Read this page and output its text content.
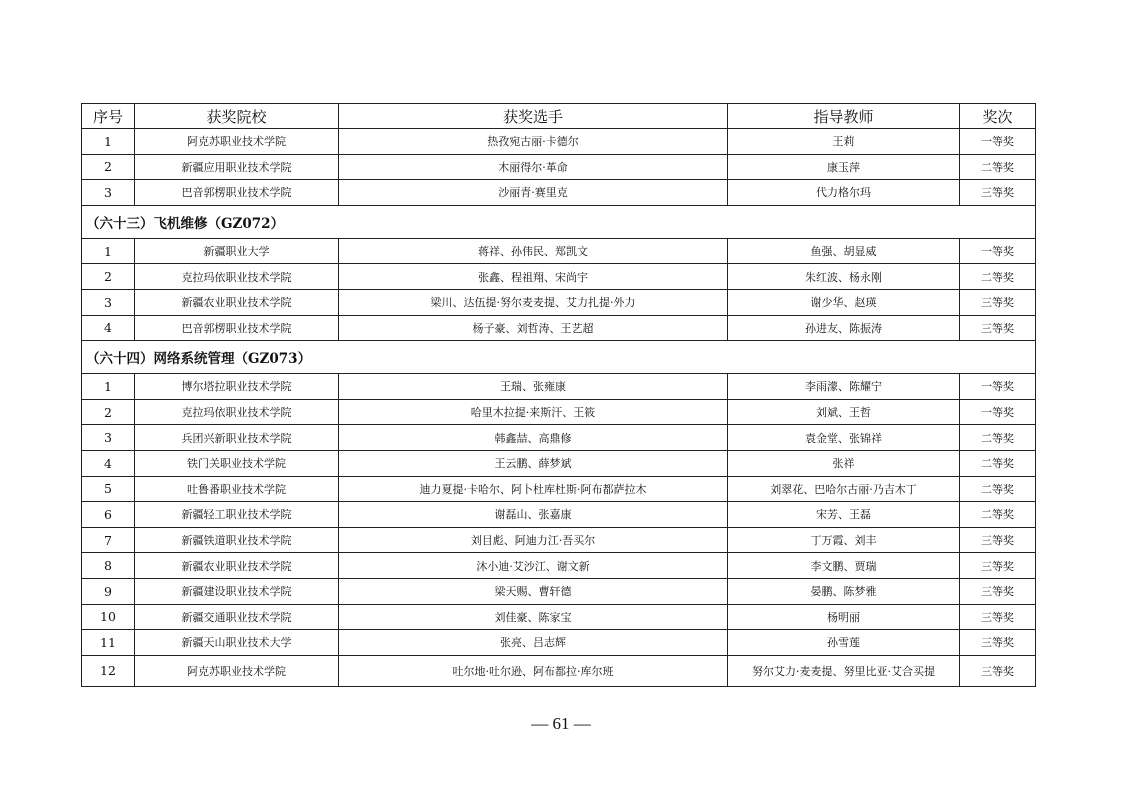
序号	获奖院校	获奖选手	指导教师	奖次
1	阿克苏职业技术学院	热孜宛古丽·卡德尔	王莉	一等奖
2	新疆应用职业技术学院	木丽得尔·革命	康玉萍	二等奖
3	巴音郭楞职业技术学院	沙丽青·赛里克	代力格尔玛	三等奖
（六十三）飞机维修（GZ072）				
1	新疆职业大学	蒋祥、孙伟民、郑凯文	鱼强、胡显威	一等奖
2	克拉玛依职业技术学院	张鑫、程祖翔、宋尚宇	朱红波、杨永刚	二等奖
3	新疆农业职业技术学院	梁川、达伍提·努尔麦麦提、艾力扎提·外力	谢少华、赵瑛	三等奖
4	巴音郭楞职业技术学院	杨子豪、刘哲涛、王艺超	孙进友、陈振涛	三等奖
（六十四）网络系统管理（GZ073）				
1	博尔塔拉职业技术学院	王瑞、张雍康	李雨濛、陈耀宁	一等奖
2	克拉玛依职业技术学院	哈里木拉提·来斯汗、王筱	刘斌、王哲	一等奖
3	兵团兴新职业技术学院	韩鑫喆、高鼎修	袁金堂、张锦祥	二等奖
4	铁门关职业技术学院	王云鹏、薛梦斌	张祥	二等奖
5	吐鲁番职业技术学院	迪力夏提·卡哈尔、阿卜杜库杜斯·阿布都萨拉木	刘翠花、巴哈尔古丽·乃吉木丁	二等奖
6	新疆轻工职业技术学院	谢磊山、张嘉康	宋芳、王磊	二等奖
7	新疆铁道职业技术学院	刘目彪、阿迪力江·吾买尔	丁万霞、刘丰	三等奖
8	新疆农业职业技术学院	沐小迪·艾沙江、谢文新	李文鹏、贾瑞	三等奖
9	新疆建设职业技术学院	梁天赐、曹轩德	晏鹏、陈梦雅	三等奖
10	新疆交通职业技术学院	刘佳豪、陈家宝	杨明丽	三等奖
11	新疆天山职业技术大学	张亮、吕志辉	孙雪莲	三等奖
12	阿克苏职业技术学院	吐尔地·吐尔逊、阿布都拉·库尔班	努尔艾力·麦麦提、努里比亚·艾合买提	三等奖
— 61 —
